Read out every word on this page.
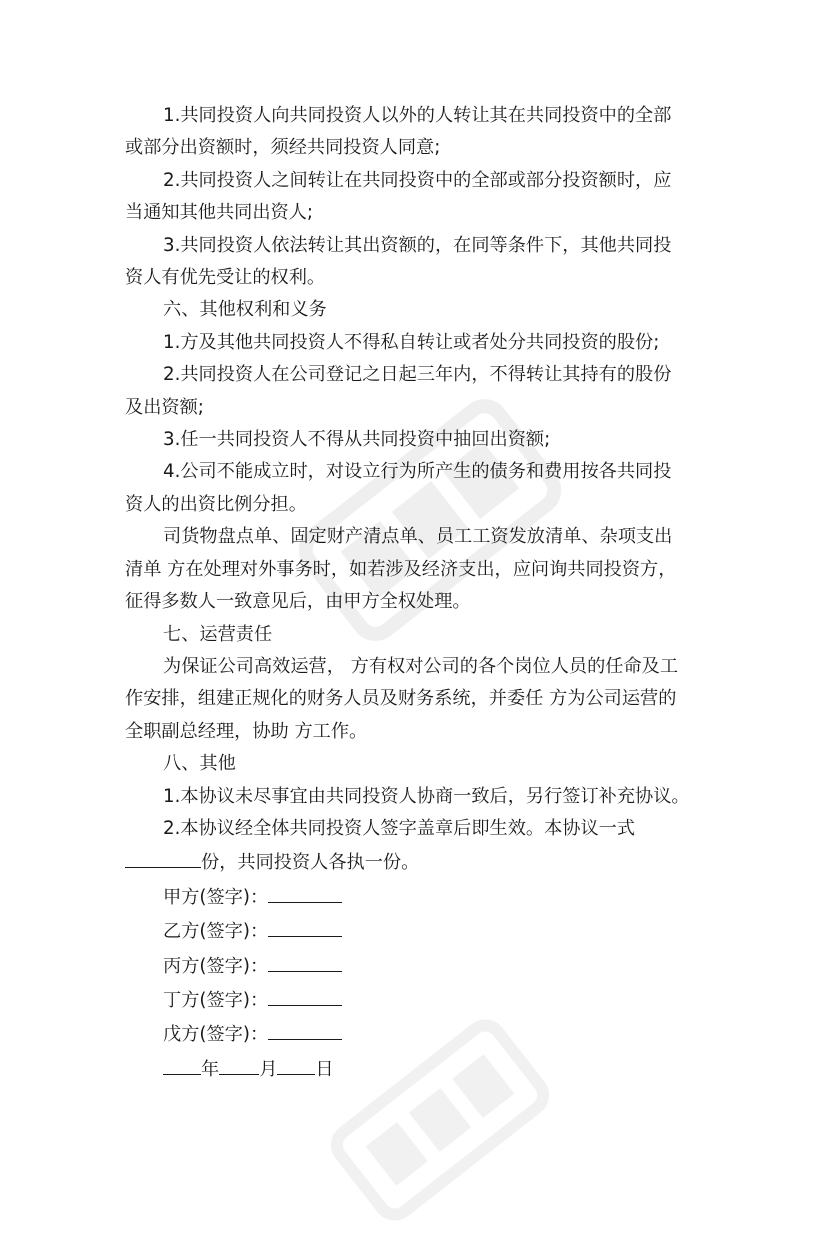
1.共同投资人向共同投资人以外的人转让其在共同投资中的全部

或部分出资额时，须经共同投资人同意;

2.共同投资人之间转让在共同投资中的全部或部分投资额时，应

当通知其他共同出资人;

3.共同投资人依法转让其出资额的，在同等条件下，其他共同投

资人有优先受让的权利。

六、其他权利和义务

1.方及其他共同投资人不得私自转让或者处分共同投资的股份;

2.共同投资人在公司登记之日起三年内，不得转让其持有的股份

及出资额;

3.任一共同投资人不得从共同投资中抽回出资额;

4.公司不能成立时，对设立行为所产生的债务和费用按各共同投

资人的出资比例分担。

司货物盘点单、固定财产清点单、员工工资发放清单、杂项支出

清单 方在处理对外事务时，如若涉及经济支出，应问询共同投资方，

征得多数人一致意见后，由甲方全权处理。

七、运营责任

为保证公司高效运营， 方有权对公司的各个岗位人员的任命及工

作安排，组建正规化的财务人员及财务系统，并委任 方为公司运营的

全职副总经理，协助 方工作。

八、其他

1.本协议未尽事宜由共同投资人协商一致后，另行签订补充协议。

2.本协议经全体共同投资人签字盖章后即生效。本协议一式

份，共同投资人各执一份。

甲方(签字)：
乙方(签字)：
丙方(签字)：
丁方(签字)：
戊方(签字)：

年 月 日
